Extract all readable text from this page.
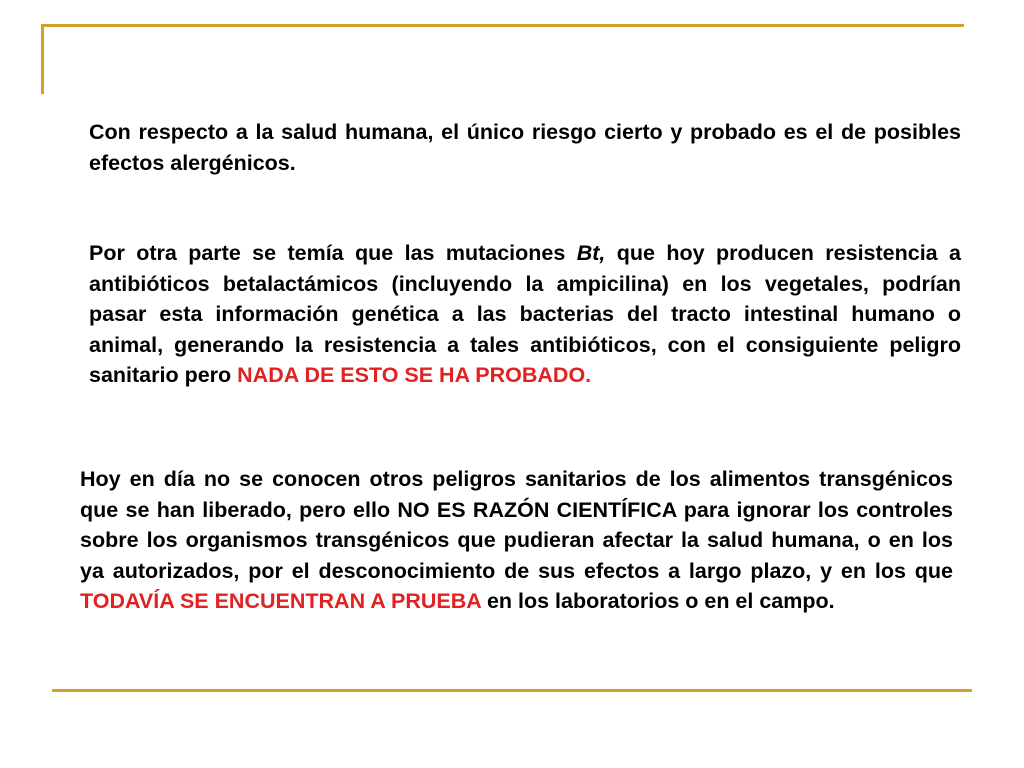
Con respecto a la salud humana, el único riesgo cierto y probado es el de posibles efectos alergénicos.

Por otra parte se temía que las mutaciones Bt, que hoy producen resistencia a antibióticos betalactámicos (incluyendo la ampicilina) en los vegetales, podrían pasar esta información genética a las bacterias del tracto intestinal humano o animal, generando la resistencia a tales antibióticos, con el consiguiente peligro sanitario pero NADA DE ESTO SE HA PROBADO.

Hoy en día no se conocen otros peligros sanitarios de los alimentos transgénicos que se han liberado, pero ello NO ES RAZÓN CIENTÍFICA para ignorar los controles sobre los organismos transgénicos que pudieran afectar la salud humana, o en los ya autorizados, por el desconocimiento de sus efectos a largo plazo, y en los que TODAVÍA SE ENCUENTRAN A PRUEBA en los laboratorios o en el campo.
